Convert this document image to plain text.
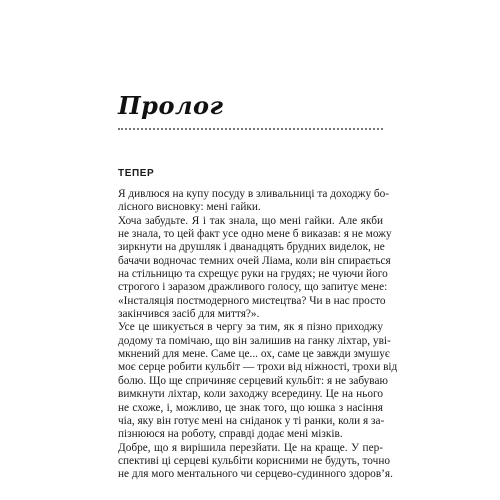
Пролог
ТЕПЕР
Я дивлюся на купу посуду в зливальниці та доходжу бо-
лісного висновку: мені гайки.
Хоча забудьте. Я і так знала, що мені гайки. Але якби
не знала, то цей факт усе одно мене б виказав: я не можу
зиркнути на друшляк і дванадцять брудних виделок, не
бачачи водночас темних очей Ліама, коли він спирається
на стільницю та схрещує руки на грудях; не чуючи його
строгого і заразом дражливого голосу, що запитує мене:
«Інсталяція постмодерного мистецтва? Чи в нас просто
закінчився засіб для миття?».
Усе це шикується в чергу за тим, як я пізно приходжу
додому та помічаю, що він залишив на ганку ліхтар, уві-
мкнений для мене. Саме це... ох, саме це завжди змушує
моє серце робити кульбіт — трохи від ніжності, трохи від
болю. Що ще спричиняє серцевий кульбіт: я не забуваю
вимкнути ліхтар, коли заходжу всередину. Це на нього
не схоже, і, можливо, це знак того, що юшка з насіння
чіа, яку він готує мені на сніданок у ті ранки, коли я за-
пізнююся на роботу, справді додає мені мізків.
Добре, що я вирішила перезйати. Це на краще. У пер-
спективі ці серцеві кульбіти корисними не будуть, точно
не для мого ментального чи серцево-судинного здоров’я.
